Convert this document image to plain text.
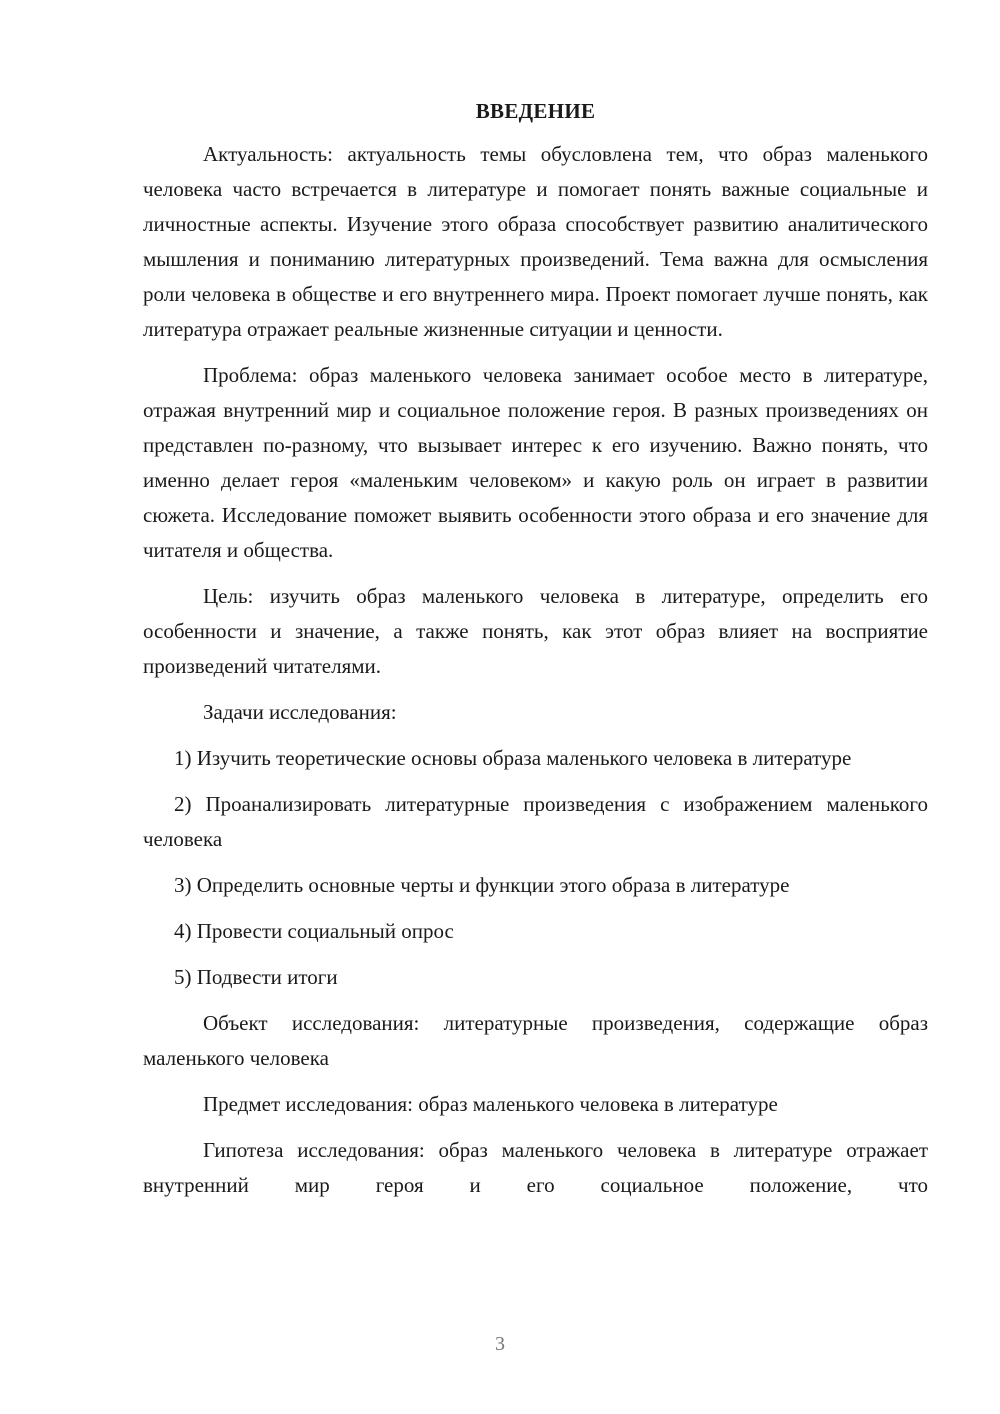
ВВЕДЕНИЕ

Актуальность: актуальность темы обусловлена тем, что образ маленького человека часто встречается в литературе и помогает понять важные социальные и личностные аспекты. Изучение этого образа способствует развитию аналитического мышления и пониманию литературных произведений. Тема важна для осмысления роли человека в обществе и его внутреннего мира. Проект помогает лучше понять, как литература отражает реальные жизненные ситуации и ценности.

Проблема: образ маленького человека занимает особое место в литературе, отражая внутренний мир и социальное положение героя. В разных произведениях он представлен по-разному, что вызывает интерес к его изучению. Важно понять, что именно делает героя «маленьким человеком» и какую роль он играет в развитии сюжета. Исследование поможет выявить особенности этого образа и его значение для читателя и общества.

Цель: изучить образ маленького человека в литературе, определить его особенности и значение, а также понять, как этот образ влияет на восприятие произведений читателями.

Задачи исследования:

1) Изучить теоретические основы образа маленького человека в литературе

2) Проанализировать литературные произведения с изображением маленького человека

3) Определить основные черты и функции этого образа в литературе

4) Провести социальный опрос

5) Подвести итоги

Объект исследования: литературные произведения, содержащие образ маленького человека

Предмет исследования: образ маленького человека в литературе

Гипотеза исследования: образ маленького человека в литературе отражает внутренний мир героя и его социальное положение, что

3
